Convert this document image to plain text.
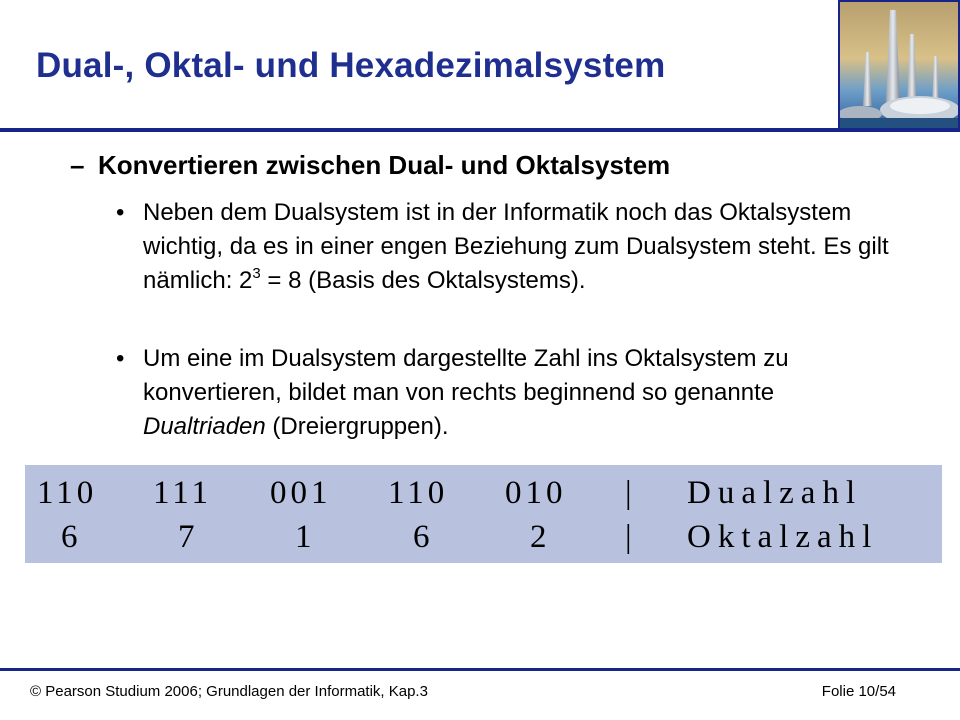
Dual-, Oktal- und Hexadezimalsystem
– Konvertieren zwischen Dual- und Oktalsystem
• Neben dem Dualsystem ist in der Informatik noch das Oktalsystem wichtig, da es in einer engen Beziehung zum Dualsystem steht. Es gilt nämlich: $2^3 = 8$ (Basis des Oktalsystems).
• Um eine im Dualsystem dargestellte Zahl ins Oktalsystem zu konvertieren, bildet man von rechts beginnend so genannte Dualtriaden (Dreiergruppen).
110 111 001 110 010 | Dualzahl
6	7	1	6	2 | Oktalzahl
© Pearson Studium 2006; Grundlagen der Informatik, Kap.3	Folie 10/54
